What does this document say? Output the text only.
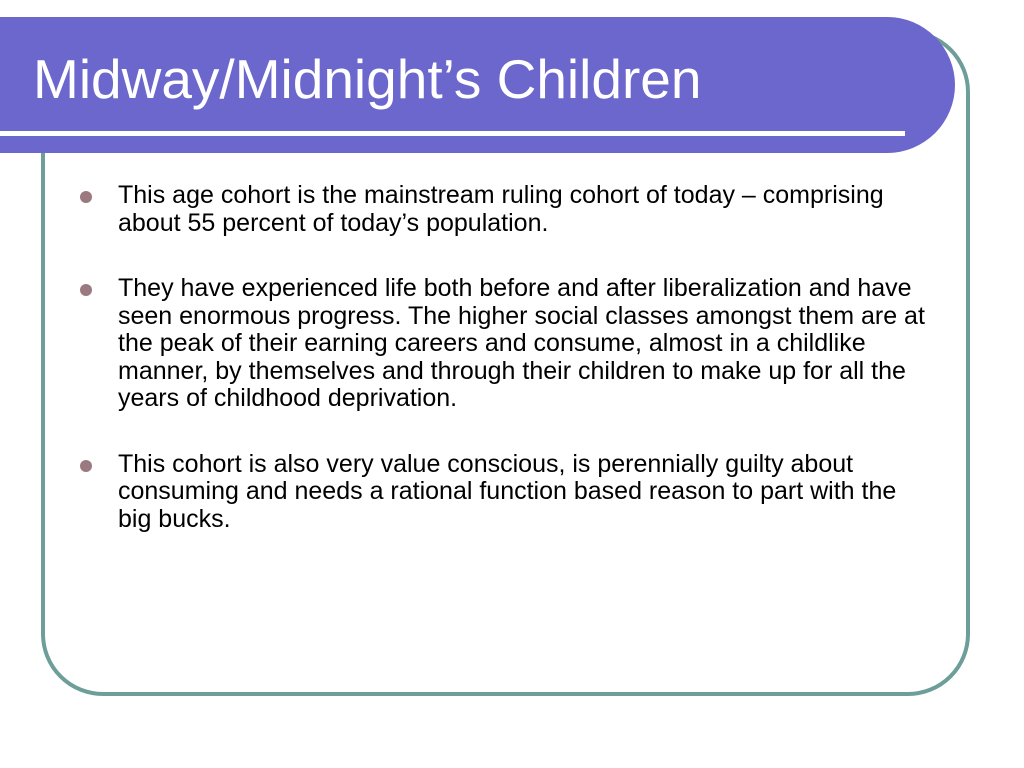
Midway/Midnight’s Children
This age cohort is the mainstream ruling cohort of today – comprising about 55 percent of today’s population.
They have experienced life both before and after liberalization and have seen enormous progress. The higher social classes amongst them are at the peak of their earning careers and consume, almost in a childlike manner, by themselves and through their children to make up for all the years of childhood deprivation.
This cohort is also very value conscious, is perennially guilty about consuming and needs a rational function based reason to part with the big bucks.
